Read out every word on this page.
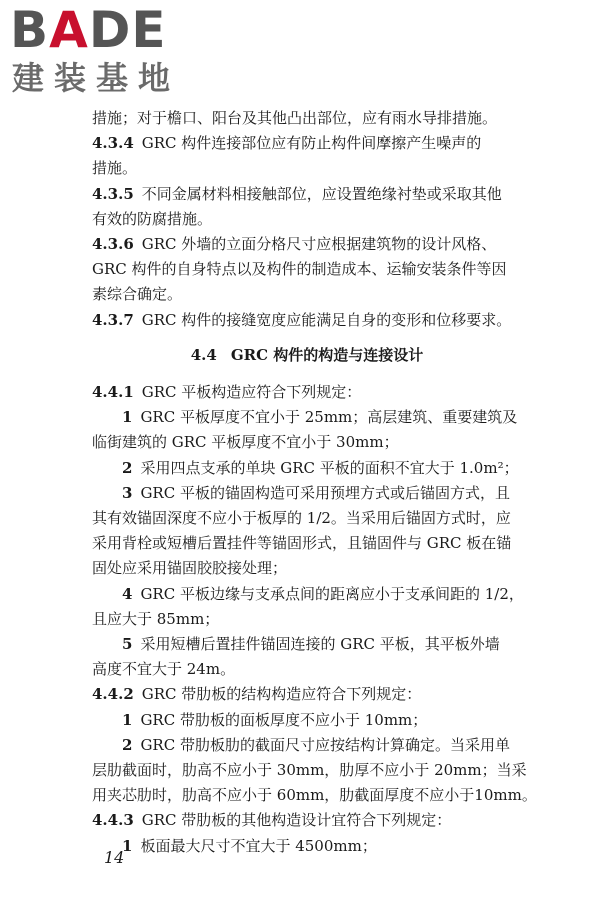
BADE
建装基地
措施；对于檐口、阳台及其他凸出部位，应有雨水导排措施。
4.3.4 GRC 构件连接部位应有防止构件间摩擦产生噪声的
措施。
4.3.5 不同金属材料相接触部位，应设置绝缘衬垫或采取其他
有效的防腐措施。
4.3.6 GRC 外墙的立面分格尺寸应根据建筑物的设计风格、
GRC 构件的自身特点以及构件的制造成本、运输安装条件等因
素综合确定。
4.3.7 GRC 构件的接缝宽度应能满足自身的变形和位移要求。
4.4 GRC 构件的构造与连接设计
4.4.1 GRC 平板构造应符合下列规定：
1 GRC 平板厚度不宜小于 25mm；高层建筑、重要建筑及
临街建筑的 GRC 平板厚度不宜小于 30mm；
2 采用四点支承的单块 GRC 平板的面积不宜大于 1.0m²；
3 GRC 平板的锚固构造可采用预埋方式或后锚固方式，且
其有效锚固深度不应小于板厚的 1/2。当采用后锚固方式时，应
采用背栓或短槽后置挂件等锚固形式，且锚固件与 GRC 板在锚
固处应采用锚固胶胶接处理；
4 GRC 平板边缘与支承点间的距离应小于支承间距的 1/2，
且应大于 85mm；
5 采用短槽后置挂件锚固连接的 GRC 平板，其平板外墙
高度不宜大于 24m。
4.4.2 GRC 带肋板的结构构造应符合下列规定：
1 GRC 带肋板的面板厚度不应小于 10mm；
2 GRC 带肋板肋的截面尺寸应按结构计算确定。当采用单
层肋截面时，肋高不应小于 30mm，肋厚不应小于 20mm；当采
用夹芯肋时，肋高不应小于 60mm，肋截面厚度不应小于10mm。
4.4.3 GRC 带肋板的其他构造设计宜符合下列规定：
1 板面最大尺寸不宜大于 4500mm；
14
